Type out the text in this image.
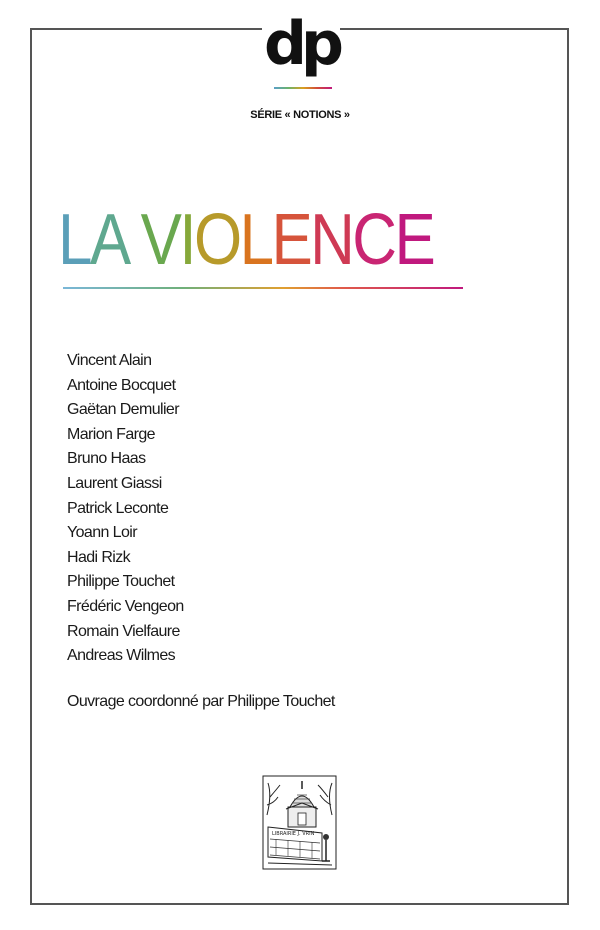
dp
SÉRIE « NOTIONS »
LA VIOLENCE
Vincent Alain
Antoine Bocquet
Gaëtan Demulier
Marion Farge
Bruno Haas
Laurent Giassi
Patrick Leconte
Yoann Loir
Hadi Rizk
Philippe Touchet
Frédéric Vengeon
Romain Vielfaure
Andreas Wilmes
Ouvrage coordonné par Philippe Touchet
LIBRAIRIE J. VRIN
